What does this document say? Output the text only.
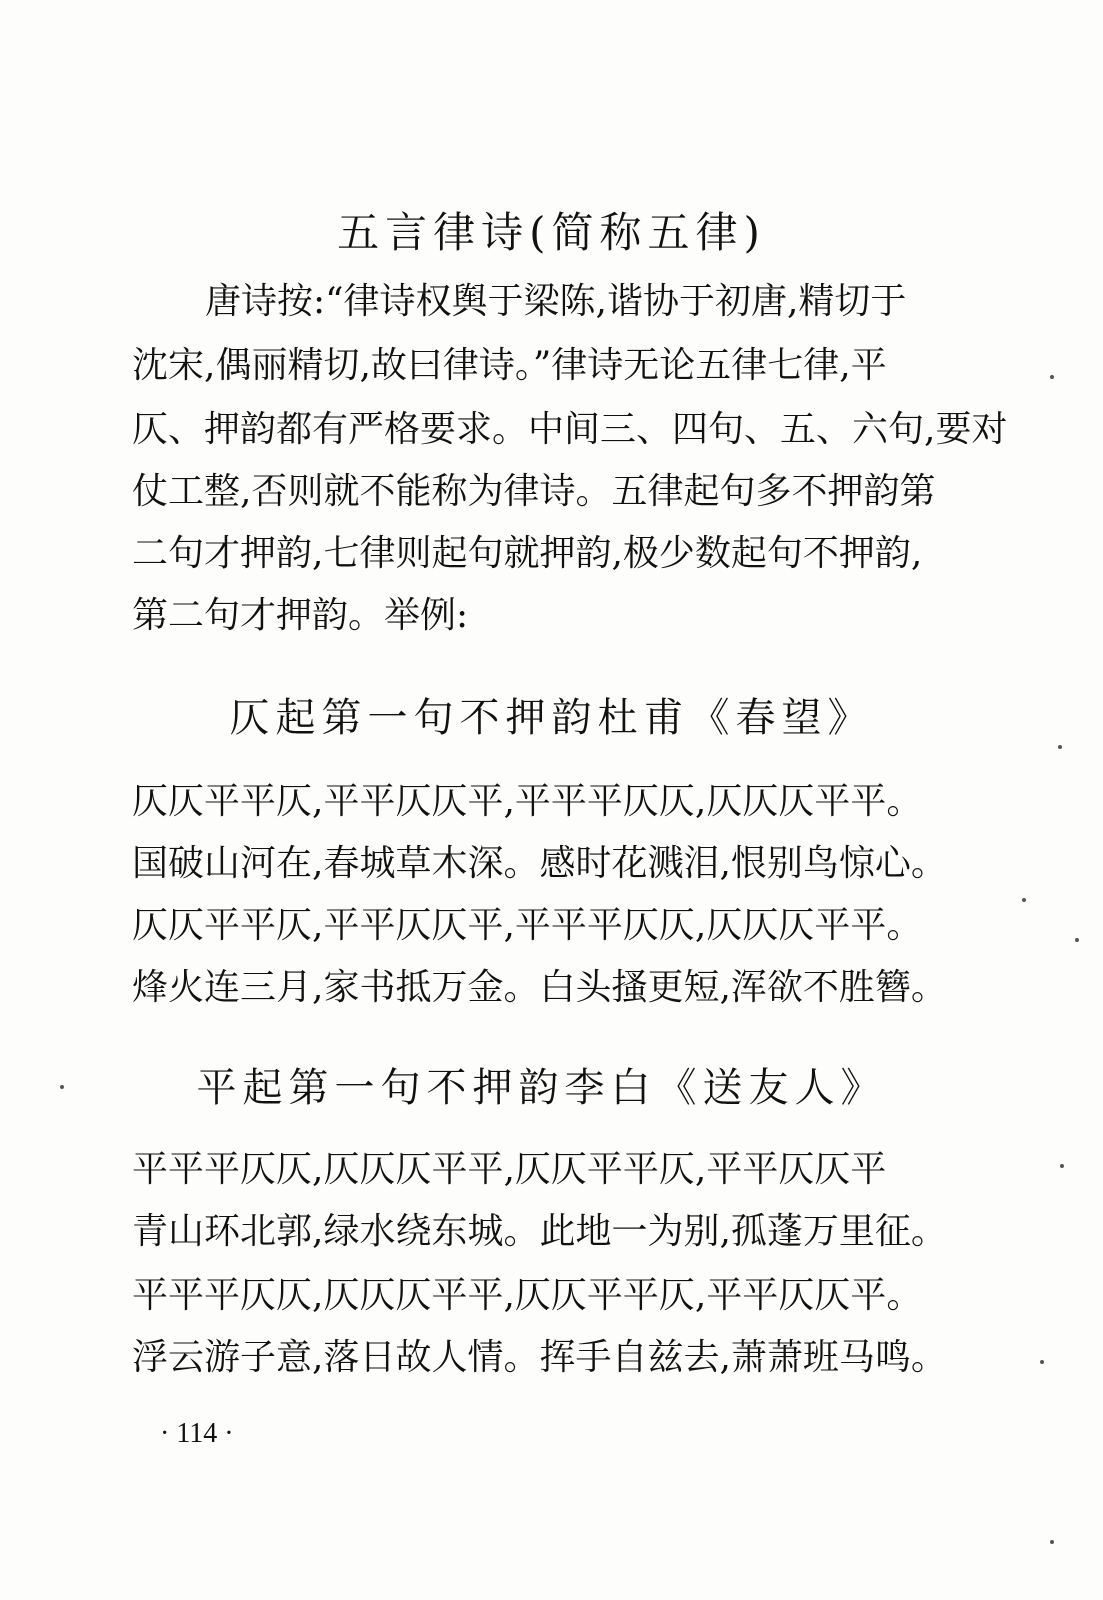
五言律诗(简称五律)
唐诗按:“律诗权舆于梁陈,谐协于初唐,精切于
沈宋,偶丽精切,故曰律诗。”律诗无论五律七律,平
仄、押韵都有严格要求。中间三、四句、五、六句,要对
仗工整,否则就不能称为律诗。五律起句多不押韵第
二句才押韵,七律则起句就押韵,极少数起句不押韵,
第二句才押韵。举例:
仄起第一句不押韵杜甫《春望》
仄仄平平仄,平平仄仄平,平平平仄仄,仄仄仄平平。
国破山河在,春城草木深。感时花溅泪,恨别鸟惊心。
仄仄平平仄,平平仄仄平,平平平仄仄,仄仄仄平平。
烽火连三月,家书抵万金。白头搔更短,浑欲不胜簪。
平起第一句不押韵李白《送友人》
平平平仄仄,仄仄仄平平,仄仄平平仄,平平仄仄平
青山环北郭,绿水绕东城。此地一为别,孤蓬万里征。
平平平仄仄,仄仄仄平平,仄仄平平仄,平平仄仄平。
浮云游子意,落日故人情。挥手自兹去,萧萧班马鸣。
· 114 ·
